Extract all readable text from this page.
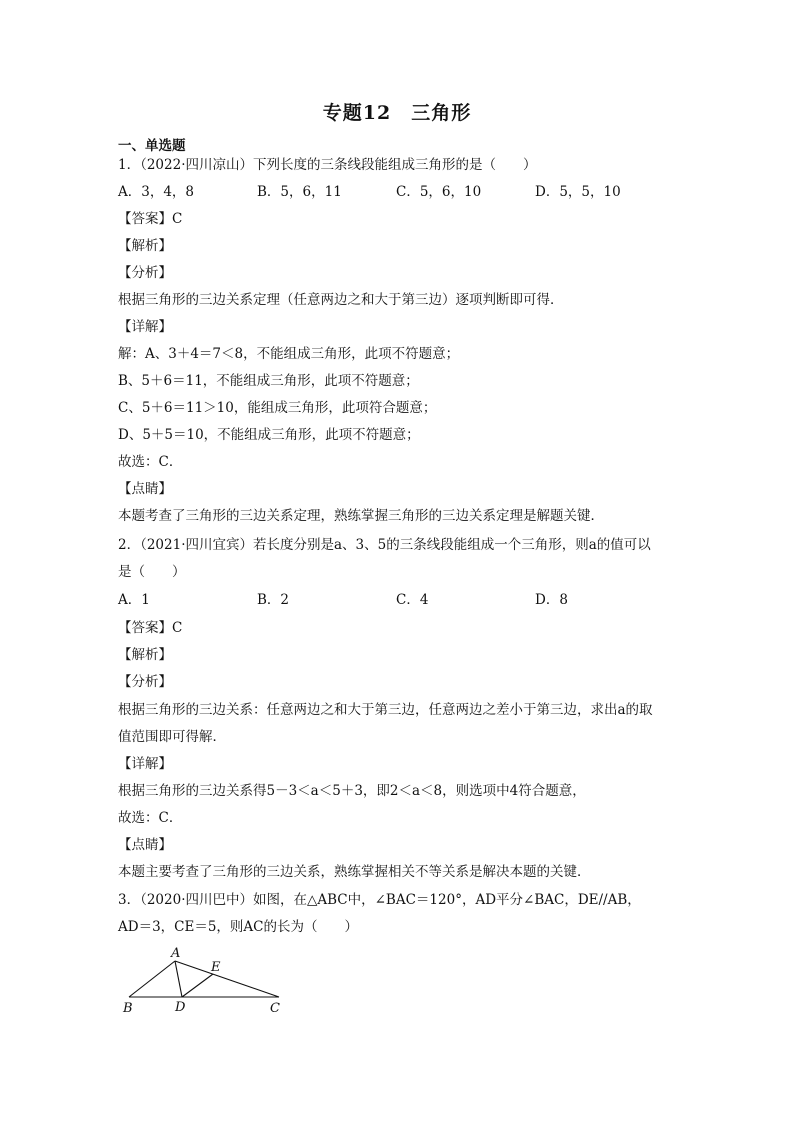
专题12　三角形
一、单选题
1．（2022·四川凉山）下列长度的三条线段能组成三角形的是（　　）
A．3，4，8	B．5，6，11	C．5，6，10	D．5，5，10
【答案】C
【解析】
【分析】
根据三角形的三边关系定理（任意两边之和大于第三边）逐项判断即可得．
【详解】
解：A、3＋4＝7＜8，不能组成三角形，此项不符题意；
B、5＋6＝11，不能组成三角形，此项不符题意；
C、5＋6＝11＞10，能组成三角形，此项符合题意；
D、5＋5＝10，不能组成三角形，此项不符题意；
故选：C．
【点睛】
本题考查了三角形的三边关系定理，熟练掌握三角形的三边关系定理是解题关键．
2．（2021·四川宜宾）若长度分别是a、3、5的三条线段能组成一个三角形，则a的值可以
是（　　）
A．1	B．2	C．4	D．8
【答案】C
【解析】
【分析】
根据三角形的三边关系：任意两边之和大于第三边，任意两边之差小于第三边，求出a的取
值范围即可得解．
【详解】
根据三角形的三边关系得5－3＜a＜5＋3，即2＜a＜8，则选项中4符合题意，
故选：C．
【点睛】
本题主要考查了三角形的三边关系，熟练掌握相关不等关系是解决本题的关键．
3．（2020·四川巴中）如图，在△ABC中，∠BAC＝120°，AD平分∠BAC，DE//AB，
AD＝3，CE＝5，则AC的长为（　　）
A
B	C
D
E
